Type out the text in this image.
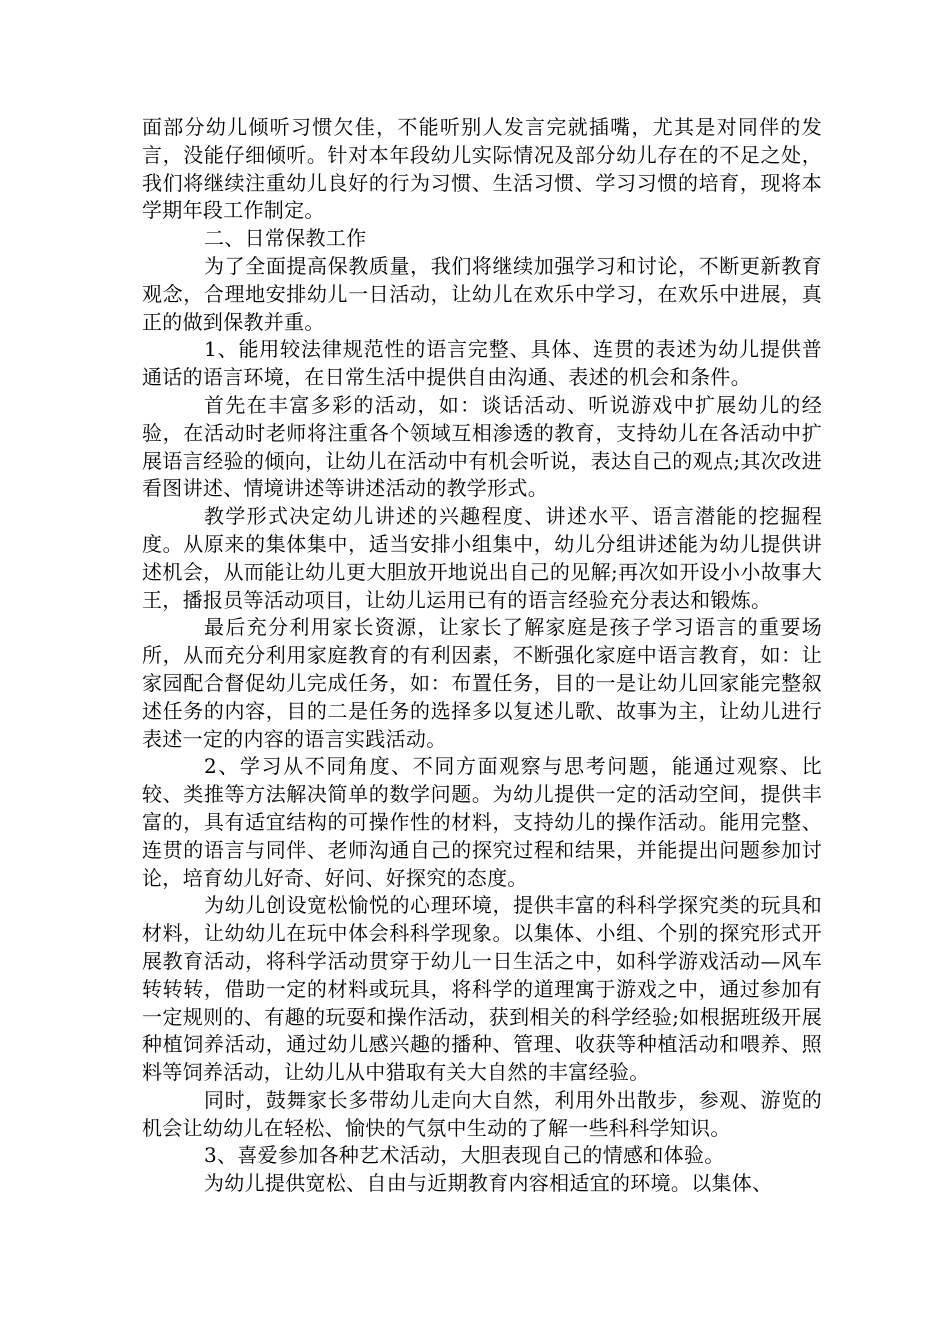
面部分幼儿倾听习惯欠佳，不能听别人发言完就插嘴，尤其是对同伴的发言，没能仔细倾听。针对本年段幼儿实际情况及部分幼儿存在的不足之处，我们将继续注重幼儿良好的行为习惯、生活习惯、学习习惯的培育，现将本学期年段工作制定。

二、日常保教工作

为了全面提高保教质量，我们将继续加强学习和讨论，不断更新教育观念，合理地安排幼儿一日活动，让幼儿在欢乐中学习，在欢乐中进展，真正的做到保教并重。

1、能用较法律规范性的语言完整、具体、连贯的表述为幼儿提供普通话的语言环境，在日常生活中提供自由沟通、表述的机会和条件。

首先在丰富多彩的活动，如：谈话活动、听说游戏中扩展幼儿的经验，在活动时老师将注重各个领域互相渗透的教育，支持幼儿在各活动中扩展语言经验的倾向，让幼儿在活动中有机会听说，表达自己的观点;其次改进看图讲述、情境讲述等讲述活动的教学形式。

教学形式决定幼儿讲述的兴趣程度、讲述水平、语言潜能的挖掘程度。从原来的集体集中，适当安排小组集中，幼儿分组讲述能为幼儿提供讲述机会，从而能让幼儿更大胆放开地说出自己的见解;再次如开设小小故事大王，播报员等活动项目，让幼儿运用已有的语言经验充分表达和锻炼。

最后充分利用家长资源，让家长了解家庭是孩子学习语言的重要场所，从而充分利用家庭教育的有利因素，不断强化家庭中语言教育，如：让家园配合督促幼儿完成任务，如：布置任务，目的一是让幼儿回家能完整叙述任务的内容，目的二是任务的选择多以复述儿歌、故事为主，让幼儿进行表述一定的内容的语言实践活动。

2、学习从不同角度、不同方面观察与思考问题，能通过观察、比较、类推等方法解决简单的数学问题。为幼儿提供一定的活动空间，提供丰富的，具有适宜结构的可操作性的材料，支持幼儿的操作活动。能用完整、连贯的语言与同伴、老师沟通自己的探究过程和结果，并能提出问题参加讨论，培育幼儿好奇、好问、好探究的态度。

为幼儿创设宽松愉悦的心理环境，提供丰富的科科学探究类的玩具和材料，让幼幼儿在玩中体会科科学现象。以集体、小组、个别的探究形式开展教育活动，将科学活动贯穿于幼儿一日生活之中，如科学游戏活动—风车转转转，借助一定的材料或玩具，将科学的道理寓于游戏之中，通过参加有一定规则的、有趣的玩耍和操作活动，获到相关的科学经验;如根据班级开展种植饲养活动，通过幼儿感兴趣的播种、管理、收获等种植活动和喂养、照料等饲养活动，让幼儿从中猎取有关大自然的丰富经验。

同时，鼓舞家长多带幼儿走向大自然，利用外出散步，参观、游览的机会让幼幼儿在轻松、愉快的气氛中生动的了解一些科科学知识。

3、喜爱参加各种艺术活动，大胆表现自己的情感和体验。

为幼儿提供宽松、自由与近期教育内容相适宜的环境。以集体、
